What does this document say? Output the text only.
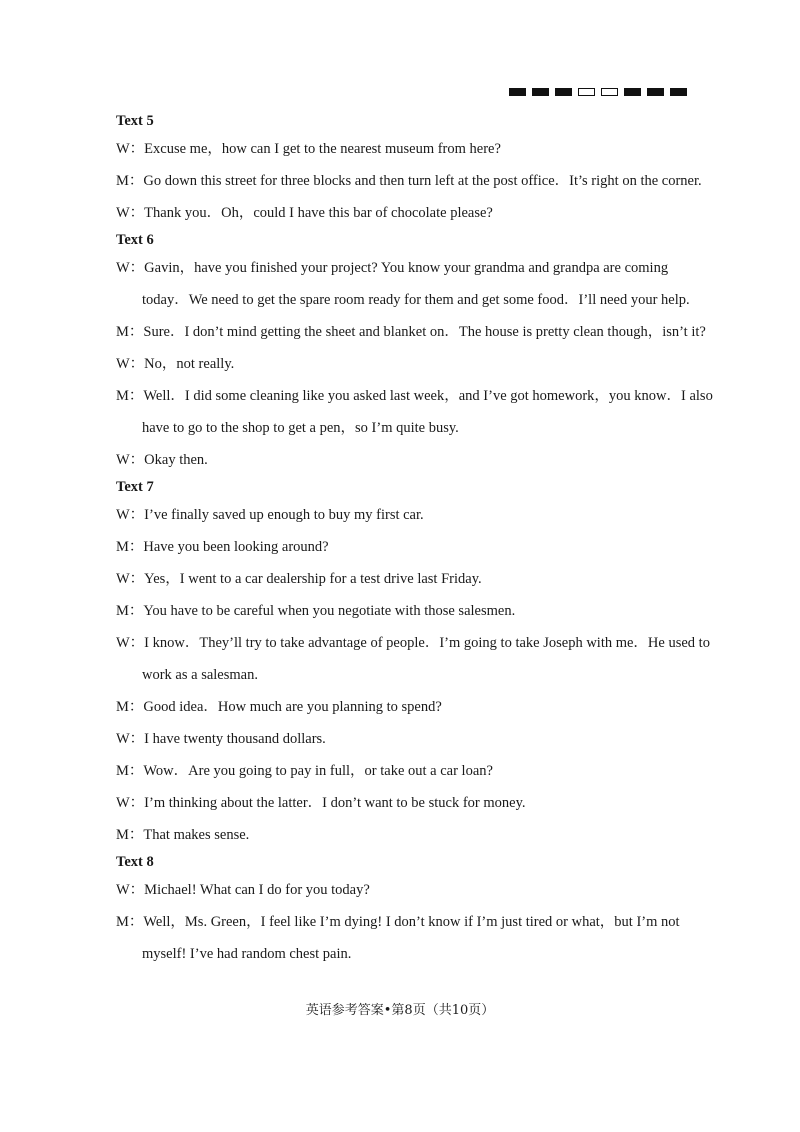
Text 5
W：Excuse me，how can I get to the nearest museum from here?
M：Go down this street for three blocks and then turn left at the post office．It’s right on the corner.
W：Thank you．Oh，could I have this bar of chocolate please?
Text 6
W：Gavin，have you finished your project? You know your grandma and grandpa are coming
today．We need to get the spare room ready for them and get some food．I’ll need your help.
M：Sure．I don’t mind getting the sheet and blanket on．The house is pretty clean though，isn’t it?
W：No，not really.
M：Well．I did some cleaning like you asked last week，and I’ve got homework，you know．I also
have to go to the shop to get a pen，so I’m quite busy.
W：Okay then.
Text 7
W：I’ve finally saved up enough to buy my first car.
M：Have you been looking around?
W：Yes，I went to a car dealership for a test drive last Friday.
M：You have to be careful when you negotiate with those salesmen.
W：I know．They’ll try to take advantage of people．I’m going to take Joseph with me．He used to
work as a salesman.
M：Good idea．How much are you planning to spend?
W：I have twenty thousand dollars.
M：Wow．Are you going to pay in full，or take out a car loan?
W：I’m thinking about the latter．I don’t want to be stuck for money.
M：That makes sense.
Text 8
W：Michael! What can I do for you today?
M：Well，Ms. Green，I feel like I’m dying! I don’t know if I’m just tired or what，but I’m not
myself! I’ve had random chest pain.
英语参考答案•第8页（共10页）
